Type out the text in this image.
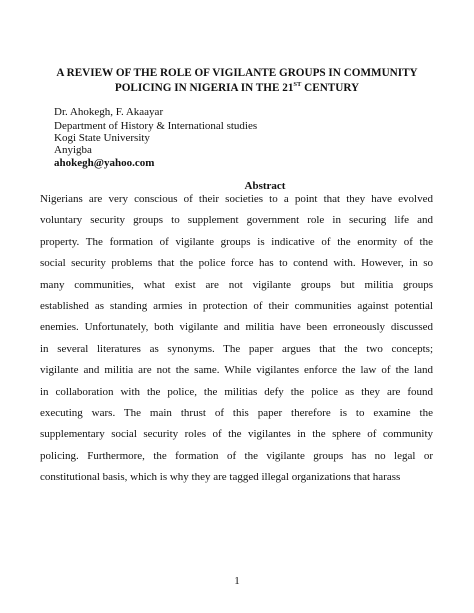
A REVIEW OF THE ROLE OF VIGILANTE GROUPS IN COMMUNITY
POLICING IN NIGERIA IN THE 21ST CENTURY
Dr. Ahokegh, F. Akaayar
Department of History & International studies
Kogi State University
Anyigba
ahokegh@yahoo.com
Abstract
Nigerians are very conscious of their societies to a point that they have evolved
voluntary security groups to supplement government role in securing life and
property. The formation of vigilante groups is indicative of the enormity of the
social security problems that the police force has to contend with. However, in so
many communities, what exist are not vigilante groups but militia groups
established as standing armies in protection of their communities against potential
enemies. Unfortunately, both vigilante and militia have been erroneously discussed
in several literatures as synonyms. The paper argues that the two concepts;
vigilante and militia are not the same. While vigilantes enforce the law of the land
in collaboration with the police, the militias defy the police as they are found
executing wars. The main thrust of this paper therefore is to examine the
supplementary social security roles of the vigilantes in the sphere of community
policing. Furthermore, the formation of the vigilante groups has no legal or
constitutional basis, which is why they are tagged illegal organizations that harass
1
